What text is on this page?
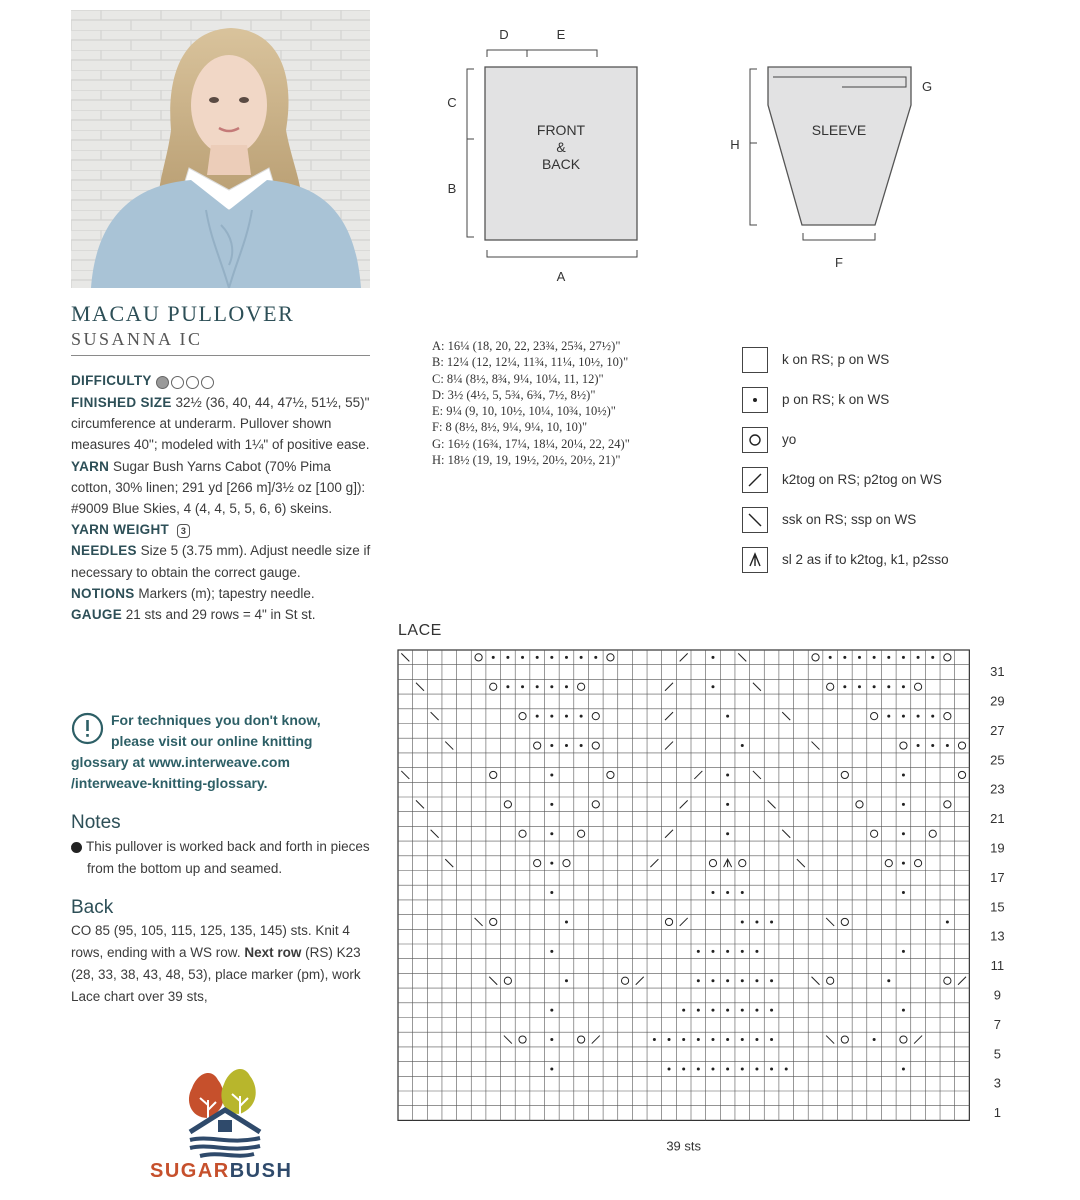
MACAU PULLOVER
SUSANNA IC
DIFFICULTY
FINISHED SIZE 32½ (36, 40, 44, 47½, 51½, 55)" circumference at underarm. Pullover shown measures 40"; modeled with 1¼" of positive ease.
YARN Sugar Bush Yarns Cabot (70% Pima cotton, 30% linen; 291 yd [266 m]/3½ oz [100 g]): #9009 Blue Skies, 4 (4, 4, 5, 5, 6, 6) skeins.
YARN WEIGHT 3
NEEDLES Size 5 (3.75 mm). Adjust needle size if necessary to obtain the correct gauge.
NOTIONS Markers (m); tapestry needle.
GAUGE 21 sts and 29 rows = 4" in St st.
For techniques you don't know,
please visit our online knitting
glossary at www.interweave.com
/interweave-knitting-glossary.
Notes
➤ This pullover is worked back and forth in pieces from the bottom up and seamed.
Back
CO 85 (95, 105, 115, 125, 135, 145) sts. Knit 4 rows, ending with a WS row. Next row (RS) K23 (28, 33, 38, 43, 48, 53), place marker (pm), work Lace chart over 39 sts,
SUGARBUSH
FRONT
&
BACK
D	E
C
B
A
SLEEVE
G
H
F
A: 16¼ (18, 20, 22, 23¾, 25¾, 27½)"
B: 12¼ (12, 12¼, 11¾, 11¼, 10½, 10)"
C: 8¼ (8½, 8¾, 9¼, 10¼, 11, 12)"
D: 3½ (4½, 5, 5¾, 6¾, 7½, 8½)"
E: 9¼ (9, 10, 10½, 10¼, 10¾, 10½)"
F: 8 (8½, 8½, 9¼, 9¼, 10, 10)"
G: 16½ (16¾, 17¼, 18¼, 20¼, 22, 24)"
H: 18½ (19, 19, 19½, 20½, 20½, 21)"
k on RS; p on WS
p on RS; k on WS
yo
k2tog on RS; p2tog on WS
ssk on RS; ssp on WS
sl 2 as if to k2tog, k1, p2sso
LACE
31
29
27
25
23
21
19
17
15
13
11
9
7
5
3
1
39 sts
